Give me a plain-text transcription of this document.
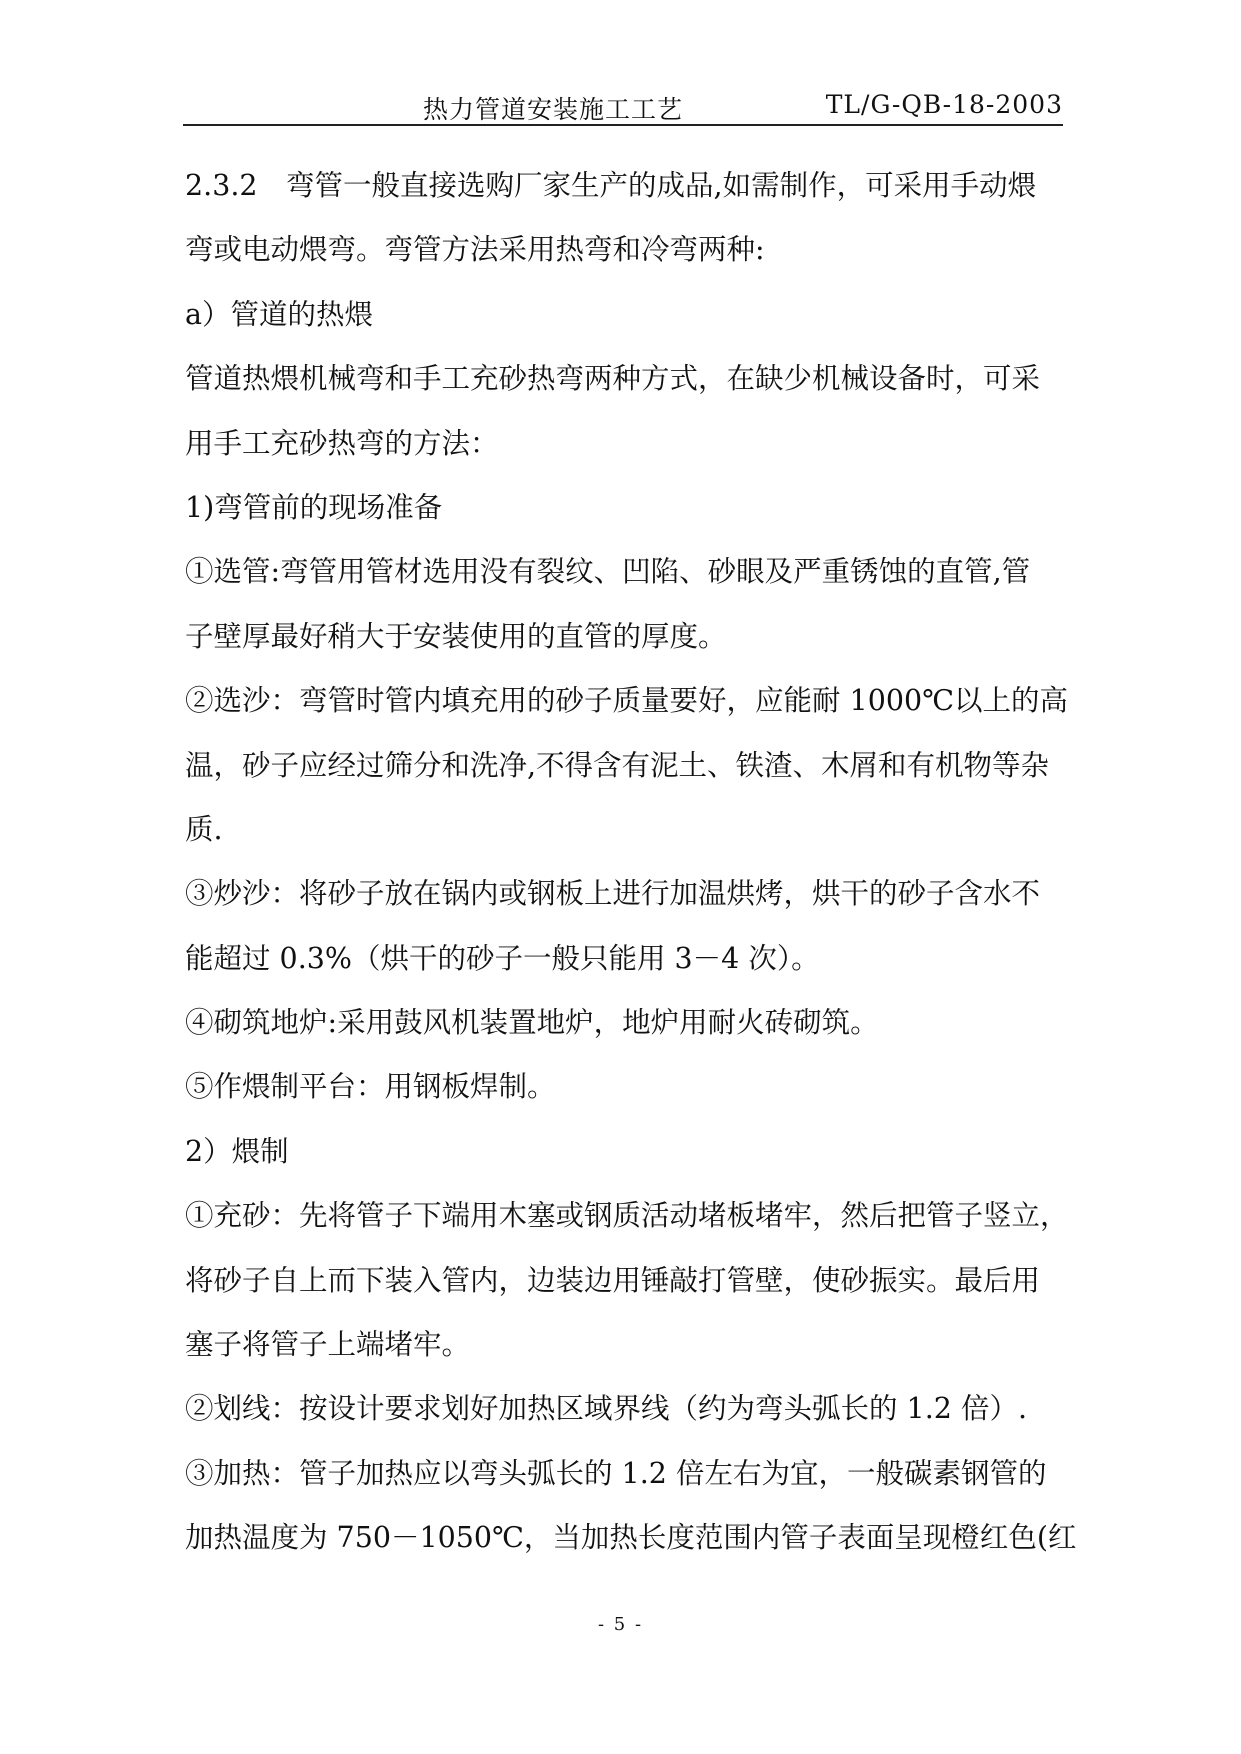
热力管道安装施工工艺	TL/G-QB-18-2003
2.3.2　弯管一般直接选购厂家生产的成品,如需制作，可采用手动煨
弯或电动煨弯。弯管方法采用热弯和冷弯两种:
a）管道的热煨
管道热煨机械弯和手工充砂热弯两种方式，在缺少机械设备时，可采
用手工充砂热弯的方法：
1)弯管前的现场准备
①选管:弯管用管材选用没有裂纹、凹陷、砂眼及严重锈蚀的直管,管
子壁厚最好稍大于安装使用的直管的厚度。
②选沙：弯管时管内填充用的砂子质量要好，应能耐 1000℃以上的高
温，砂子应经过筛分和洗净,不得含有泥土、铁渣、木屑和有机物等杂
质.
③炒沙：将砂子放在锅内或钢板上进行加温烘烤，烘干的砂子含水不
能超过 0.3%（烘干的砂子一般只能用 3－4 次）。
④砌筑地炉:采用鼓风机装置地炉，地炉用耐火砖砌筑。
⑤作煨制平台：用钢板焊制。
2）煨制
①充砂：先将管子下端用木塞或钢质活动堵板堵牢，然后把管子竖立，
将砂子自上而下装入管内，边装边用锤敲打管壁，使砂振实。最后用
塞子将管子上端堵牢。
②划线：按设计要求划好加热区域界线（约为弯头弧长的 1.2 倍）.
③加热：管子加热应以弯头弧长的 1.2 倍左右为宜，一般碳素钢管的
加热温度为 750－1050℃，当加热长度范围内管子表面呈现橙红色(红
- 5 -
